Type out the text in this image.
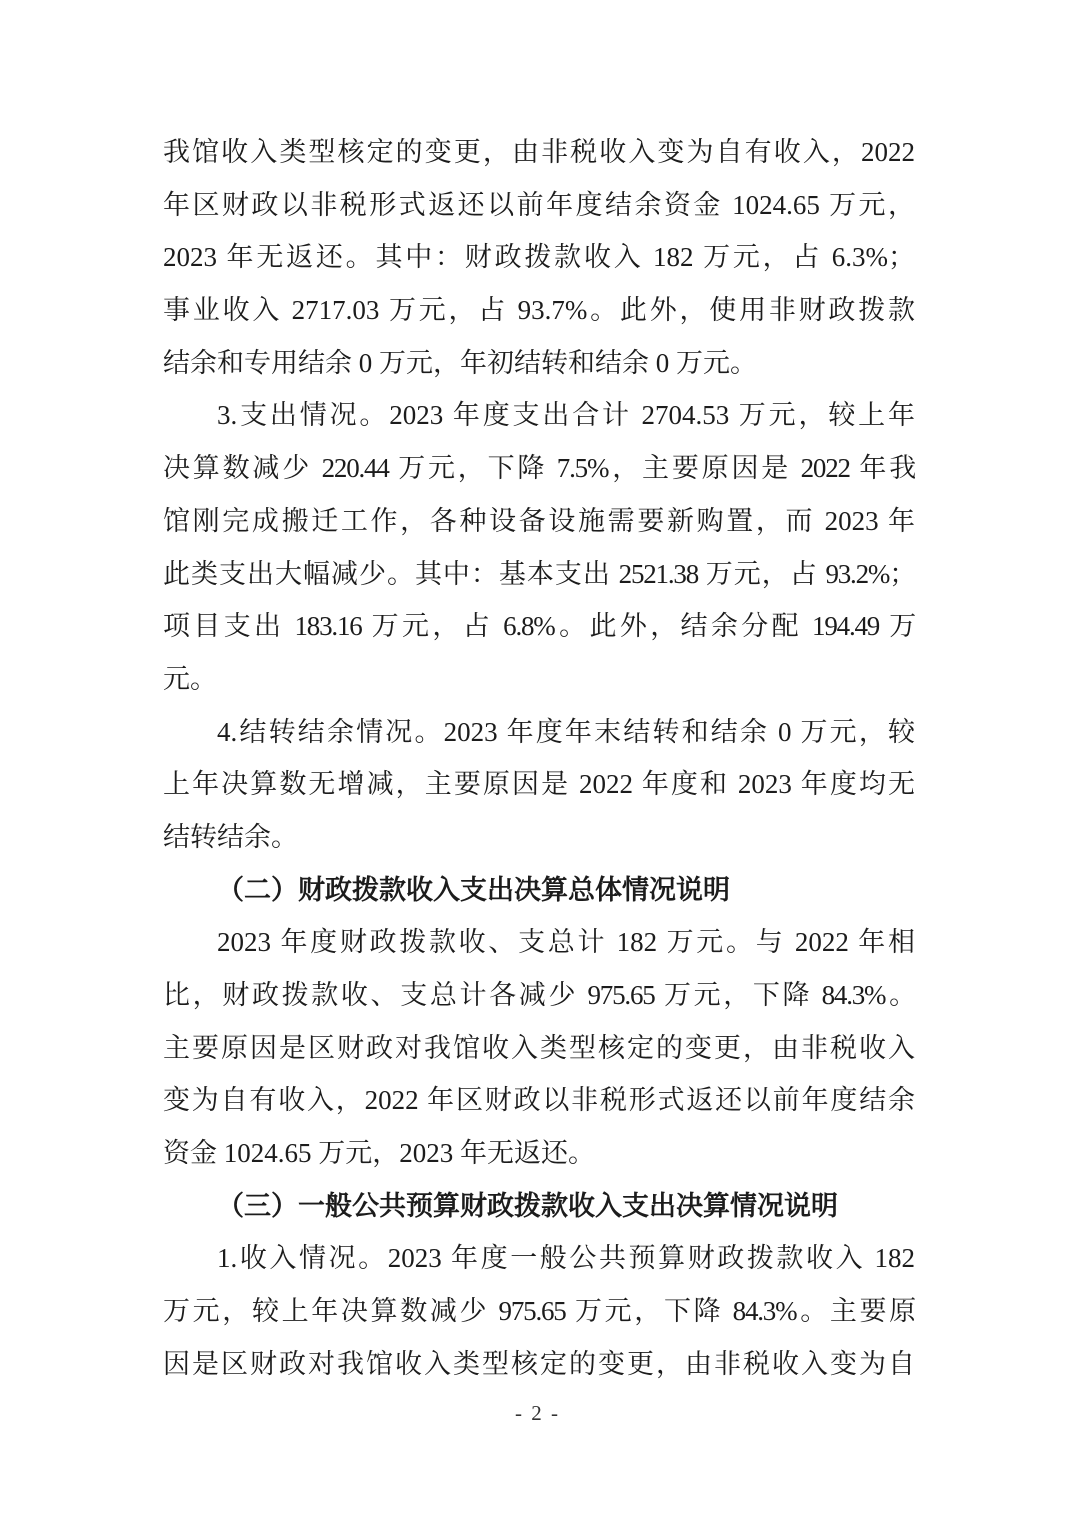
我馆收入类型核定的变更，由非税收入变为自有收入，2022
年区财政以非税形式返还以前年度结余资金 1024.65 万元，
2023 年无返还。其中：财政拨款收入 182 万元，占 6.3%；
事业收入 2717.03 万元，占 93.7%。此外，使用非财政拨款
结余和专用结余 0 万元，年初结转和结余 0 万元。
3.支出情况。2023 年度支出合计 2704.53 万元，较上年
决算数减少 220.44 万元，下降 7.5%，主要原因是 2022 年我
馆刚完成搬迁工作，各种设备设施需要新购置，而 2023 年
此类支出大幅减少。其中：基本支出 2521.38 万元，占 93.2%；
项目支出 183.16 万元，占 6.8%。此外，结余分配 194.49 万
元。
4.结转结余情况。2023 年度年末结转和结余 0 万元，较
上年决算数无增减，主要原因是 2022 年度和 2023 年度均无
结转结余。
（二）财政拨款收入支出决算总体情况说明
2023 年度财政拨款收、支总计 182 万元。与 2022 年相
比，财政拨款收、支总计各减少 975.65 万元，下降 84.3%。
主要原因是区财政对我馆收入类型核定的变更，由非税收入
变为自有收入，2022 年区财政以非税形式返还以前年度结余
资金 1024.65 万元，2023 年无返还。
（三）一般公共预算财政拨款收入支出决算情况说明
1.收入情况。2023 年度一般公共预算财政拨款收入 182
万元，较上年决算数减少 975.65 万元，下降 84.3%。主要原
因是区财政对我馆收入类型核定的变更，由非税收入变为自
- 2 -
